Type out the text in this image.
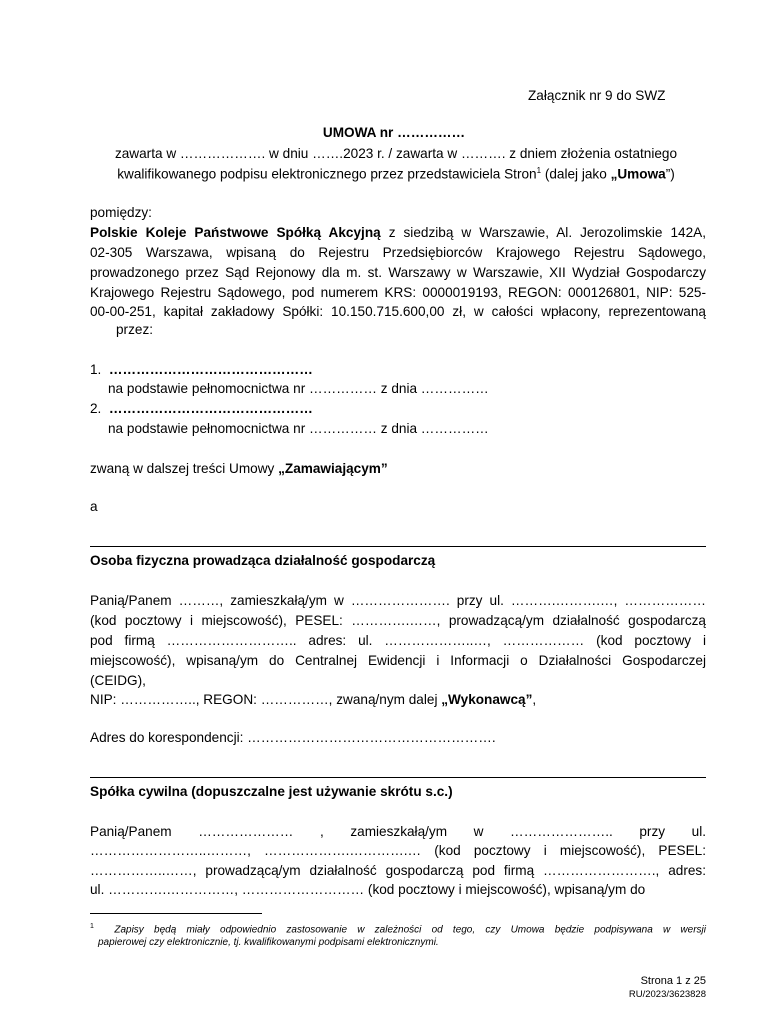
Załącznik nr 9 do SWZ
UMOWA nr ……………
zawarta w ………………. w dniu …….2023 r. / zawarta w ………. z dniem złożenia ostatniego
kwalifikowanego podpisu elektronicznego przez przedstawiciela Stron$^1$ (dalej jako „Umowa”)
pomiędzy:
Polskie Koleje Państwowe Spółką Akcyjną z siedzibą w Warszawie, Al. Jerozolimskie 142A,
02-305 Warszawa, wpisaną do Rejestru Przedsiębiorców Krajowego Rejestru Sądowego,
prowadzonego przez Sąd Rejonowy dla m. st. Warszawy w Warszawie, XII Wydział Gospodarczy
Krajowego Rejestru Sądowego, pod numerem KRS: 0000019193, REGON: 000126801, NIP: 525-
00-00-251, kapitał zakładowy Spółki: 10.150.715.600,00 zł, w całości wpłacony, reprezentowaną
przez:
1. ………………………………………
na podstawie pełnomocnictwa nr …………… z dnia ……………
2. ………………………………………
na podstawie pełnomocnictwa nr …………… z dnia ……………
zwaną w dalszej treści Umowy „Zamawiającym”
a
Osoba fizyczna prowadząca działalność gospodarczą
Panią/Panem ………, zamieszkałą/ym w …………………. przy ul. ……….……….…, ………………
(kod pocztowy i miejscowość), PESEL: ………….……, prowadzącą/ym działalność gospodarczą
pod firmą ……………………….. adres: ul. ………………..…, ……………… (kod pocztowy i
miejscowość), wpisaną/ym do Centralnej Ewidencji i Informacji o Działalności Gospodarczej
(CEIDG),
NIP: …………….., REGON: ……………, zwaną/nym dalej „Wykonawcą”,
Adres do korespondencji: ……………………………………………….
Spółka cywilna (dopuszczalne jest używanie skrótu s.c.)
Panią/Panem ………………… , zamieszkałą/ym w ………………….. przy ul.
……………………..………, ……………….………….… (kod pocztowy i miejscowość), PESEL:
……………..……, prowadzącą/ym działalność gospodarczą pod firmą ……………………., adres:
ul. ………….……………, ……………………… (kod pocztowy i miejscowość), wpisaną/ym do
$^1$ Zapisy będą miały odpowiednio zastosowanie w zależności od tego, czy Umowa będzie podpisywana w wersji
papierowej czy elektronicznie, tj. kwalifikowanymi podpisami elektronicznymi.
Strona 1 z 25
RU/2023/3623828
